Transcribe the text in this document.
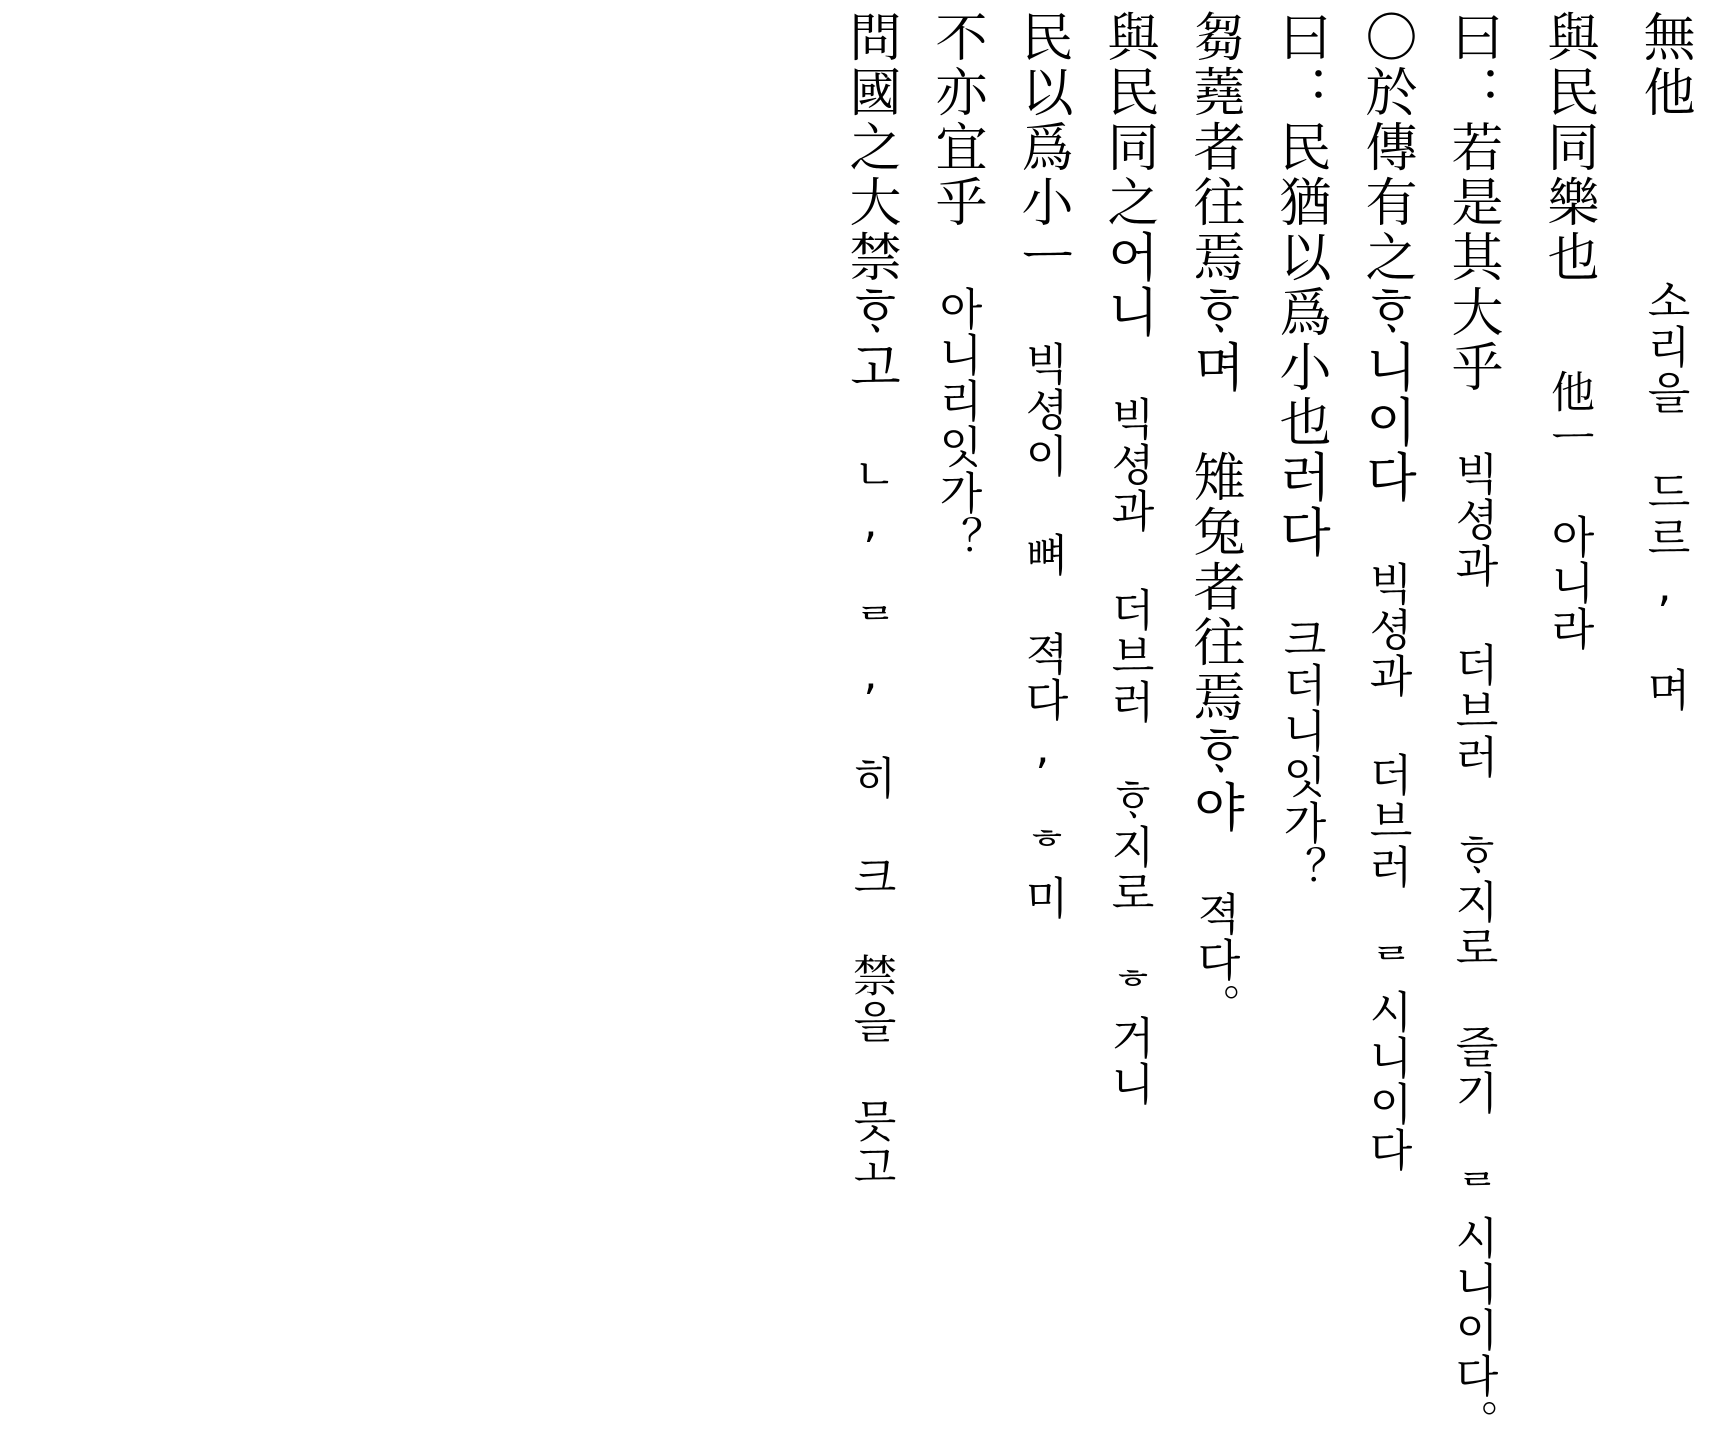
無他  소리을 드르, 며
與民同樂也  他ㅡ 아니라
曰：若是其大乎  빅셩과 더브러 ᄒᆞ지로 즐기 ᄅ시니이다。
〇於傳有之ᄒᆞ니이다  빅셩과 더브러 ᄅ시니이다
曰：民猶以爲小也러다  크더니잇가？
芻蕘者往焉ᄒᆞ며　雉兔者往焉ᄒᆞ야  젹다。
與民同之어니  빅셩과 더브러 ᄒᆞ지로 ᄒ거니
民以爲小ㅡ  빅셩이 뼈 젹다, ᄒ미
不亦宜乎  아니리잇가？
問國之大禁ᄒᆞ고  ㄴ, ᄅ, 히 크 禁을 믓고
